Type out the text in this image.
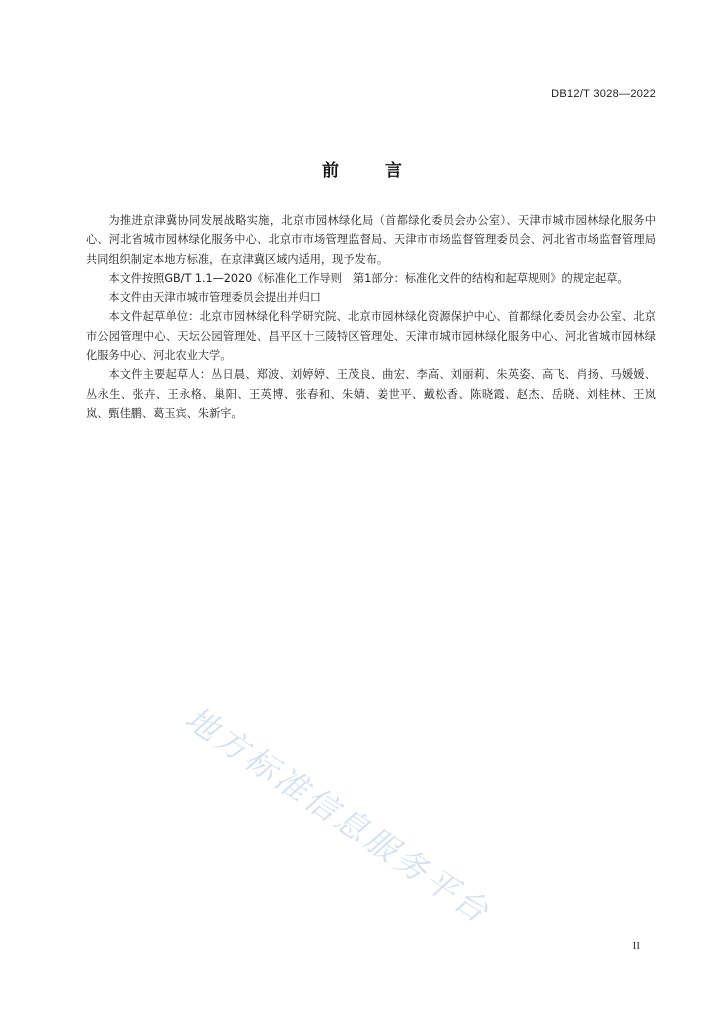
DB12/T 3028—2022
前	言

为推进京津冀协同发展战略实施，北京市园林绿化局（首都绿化委员会办公室）、天津市城市园林绿化服务中心、河北省城市园林绿化服务中心、北京市市场管理监督局、天津市市场监督管理委员会、河北省市场监督管理局共同组织制定本地方标准，在京津冀区域内适用，现予发布。

本文件按照GB/T 1.1—2020《标准化工作导则　第1部分：标准化文件的结构和起草规则》的规定起草。

本文件由天津市城市管理委员会提出并归口

本文件起草单位：北京市园林绿化科学研究院、北京市园林绿化资源保护中心、首都绿化委员会办公室、北京市公园管理中心、天坛公园管理处、昌平区十三陵特区管理处、天津市城市园林绿化服务中心、河北省城市园林绿化服务中心、河北农业大学。

本文件主要起草人：丛日晨、郑波、刘婷婷、王茂良、曲宏、李高、刘丽莉、朱英姿、高飞、肖扬、马媛媛、丛永生、张卉、王永格、巢阳、王英博、张春和、朱婧、姜世平、戴松香、陈晓霞、赵杰、岳晓、刘桂林、王岚岚、甄佳鹏、葛玉宾、朱新宇。

地方标准信息服务平台
II
